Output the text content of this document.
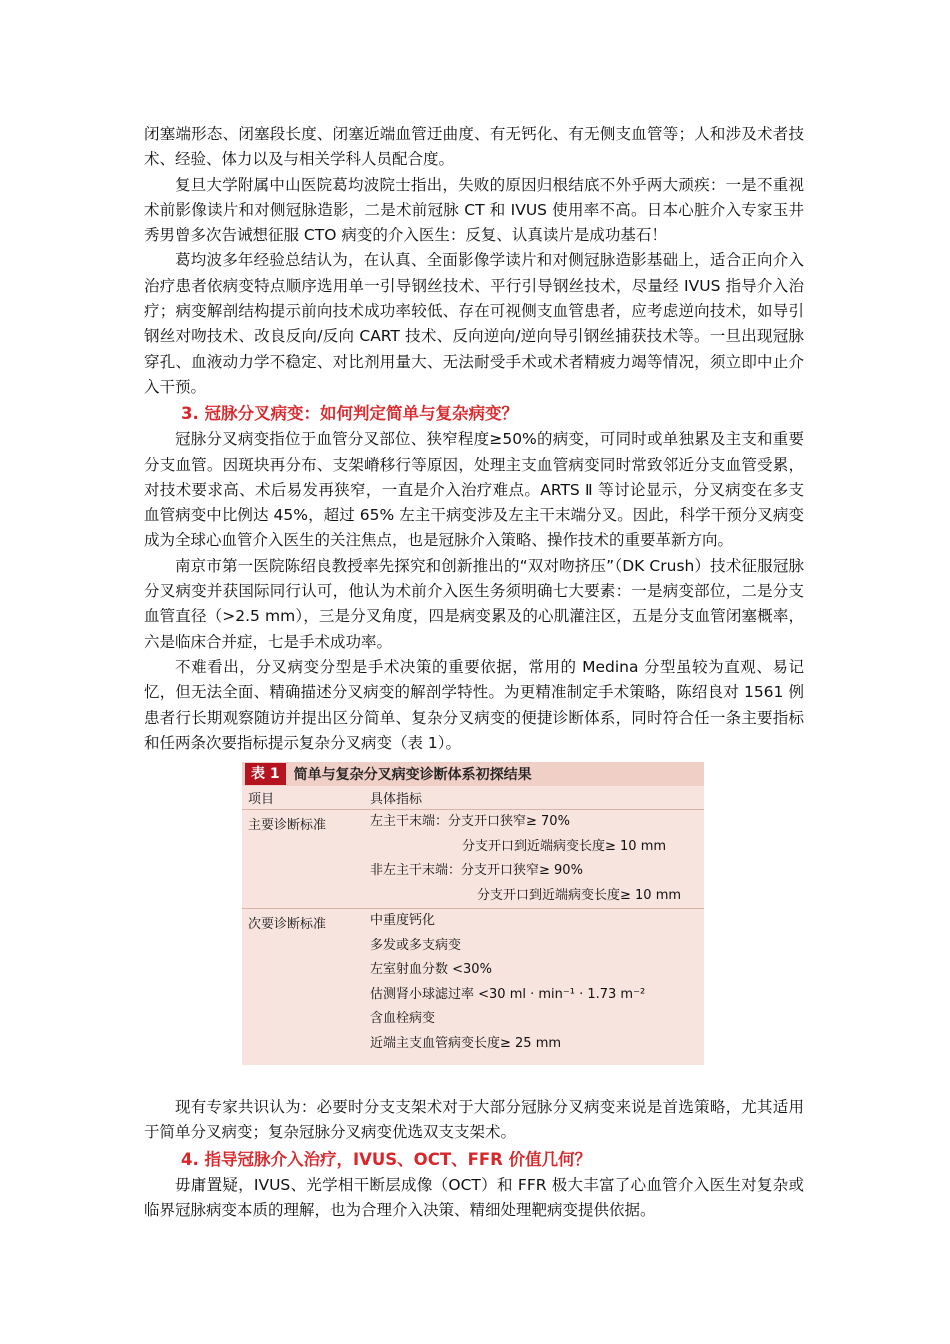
闭塞端形态、闭塞段长度、闭塞近端血管迂曲度、有无钙化、有无侧支血管等；人和涉及术者技术、经验、体力以及与相关学科人员配合度。

复旦大学附属中山医院葛均波院士指出，失败的原因归根结底不外乎两大顽疾：一是不重视术前影像读片和对侧冠脉造影，二是术前冠脉 CT 和 IVUS 使用率不高。日本心脏介入专家玉井秀男曾多次告诫想征服 CTO 病变的介入医生：反复、认真读片是成功基石！

葛均波多年经验总结认为，在认真、全面影像学读片和对侧冠脉造影基础上，适合正向介入治疗患者依病变特点顺序选用单一引导钢丝技术、平行引导钢丝技术，尽量经 IVUS 指导介入治疗；病变解剖结构提示前向技术成功率较低、存在可视侧支血管患者，应考虑逆向技术，如导引钢丝对吻技术、改良反向/反向 CART 技术、反向逆向/逆向导引钢丝捕获技术等。一旦出现冠脉穿孔、血液动力学不稳定、对比剂用量大、无法耐受手术或术者精疲力竭等情况，须立即中止介入干预。

3. 冠脉分叉病变：如何判定简单与复杂病变？

冠脉分叉病变指位于血管分叉部位、狭窄程度≥50%的病变，可同时或单独累及主支和重要分支血管。因斑块再分布、支架嵴移行等原因，处理主支血管病变同时常致邻近分支血管受累，对技术要求高、术后易发再狭窄，一直是介入治疗难点。ARTS Ⅱ 等讨论显示，分叉病变在多支血管病变中比例达 45%，超过 65% 左主干病变涉及左主干末端分叉。因此，科学干预分叉病变成为全球心血管介入医生的关注焦点，也是冠脉介入策略、操作技术的重要革新方向。

南京市第一医院陈绍良教授率先探究和创新推出的“双对吻挤压”（DK Crush）技术征服冠脉分叉病变并获国际同行认可，他认为术前介入医生务须明确七大要素：一是病变部位，二是分支血管直径（>2.5 mm），三是分叉角度，四是病变累及的心肌灌注区，五是分支血管闭塞概率，六是临床合并症，七是手术成功率。

不难看出，分叉病变分型是手术决策的重要依据，常用的 Medina 分型虽较为直观、易记忆，但无法全面、精确描述分叉病变的解剖学特性。为更精准制定手术策略，陈绍良对 1561 例患者行长期观察随访并提出区分简单、复杂分叉病变的便捷诊断体系，同时符合任一条主要指标和任两条次要指标提示复杂分叉病变（表 1）。

表 1	简单与复杂分叉病变诊断体系初探结果
项目	具体指标
主要诊断标准	左主干末端：分支开口狭窄≥ 70%
分支开口到近端病变长度≥ 10 mm
非左主干末端：分支开口狭窄≥ 90%
分支开口到近端病变长度≥ 10 mm
次要诊断标准	中重度钙化
多发或多支病变
左室射血分数 <30%
估测肾小球滤过率 <30 ml · min⁻¹ · 1.73 m⁻²
含血栓病变
近端主支血管病变长度≥ 25 mm

现有专家共识认为：必要时分支支架术对于大部分冠脉分叉病变来说是首选策略，尤其适用于简单分叉病变；复杂冠脉分叉病变优选双支支架术。

4. 指导冠脉介入治疗，IVUS、OCT、FFR 价值几何？

毋庸置疑，IVUS、光学相干断层成像（OCT）和 FFR 极大丰富了心血管介入医生对复杂或临界冠脉病变本质的理解，也为合理介入决策、精细处理靶病变提供依据。
